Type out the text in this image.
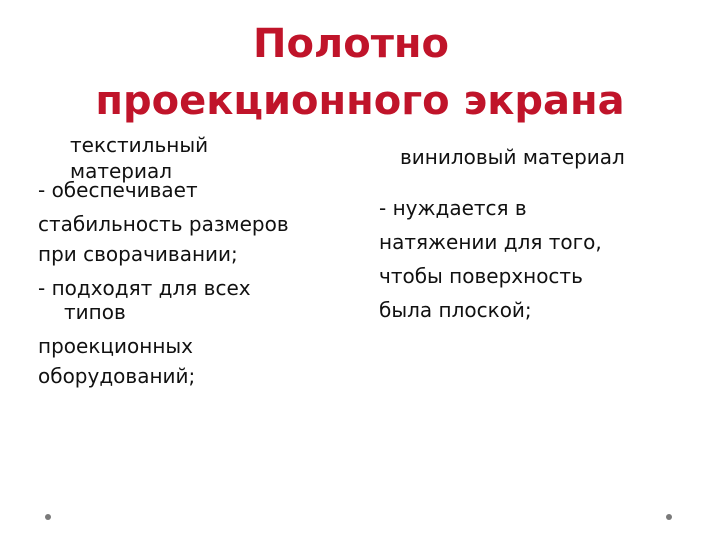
Полотно
проекционного экрана

текстильный материал

виниловый материал

- обеспечивает
стабильность размеров
при сворачивании;
- подходят для всех
типов
проекционных
оборудований;
- нуждается в
натяжении для того,
чтобы поверхность
была плоской;
